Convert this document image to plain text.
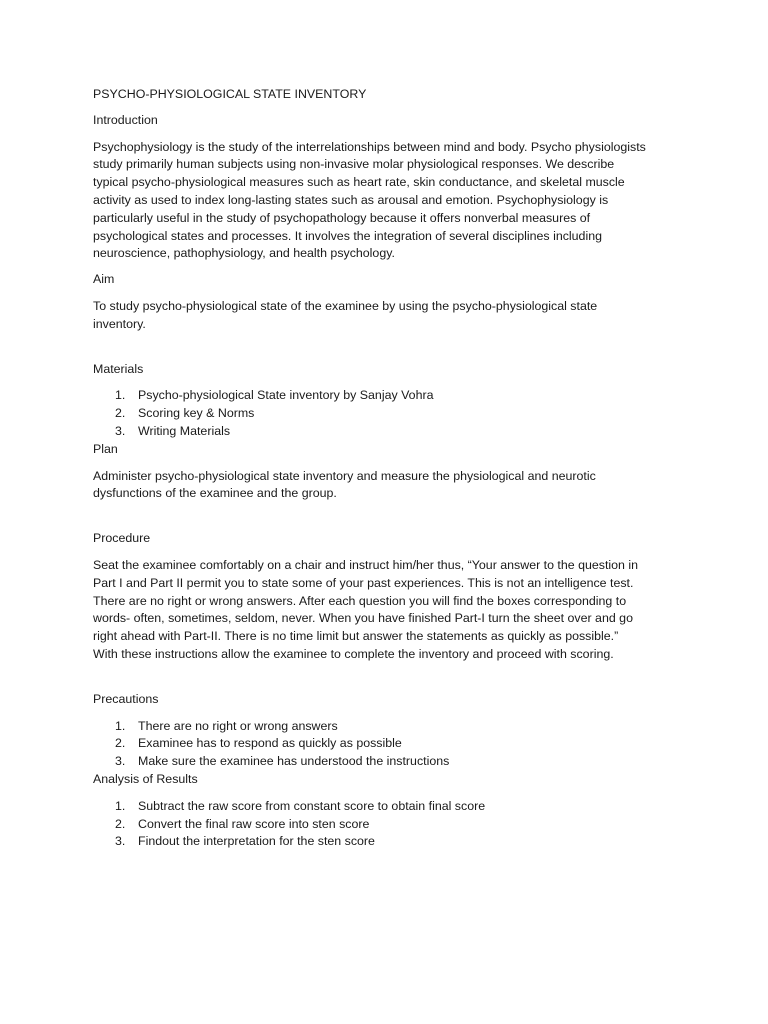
PSYCHO-PHYSIOLOGICAL STATE INVENTORY
Introduction
Psychophysiology is the study of the interrelationships between mind and body. Psycho physiologists
study primarily human subjects using non-invasive molar physiological responses. We describe
typical psycho-physiological measures such as heart rate, skin conductance, and skeletal muscle
activity as used to index long-lasting states such as arousal and emotion. Psychophysiology is
particularly useful in the study of psychopathology because it offers nonverbal measures of
psychological states and processes. It involves the integration of several disciplines including
neuroscience, pathophysiology, and health psychology.
Aim
To study psycho-physiological state of the examinee by using the psycho-physiological state
inventory.
Materials
1. Psycho-physiological State inventory by Sanjay Vohra
2. Scoring key & Norms
3. Writing Materials
Plan
Administer psycho-physiological state inventory and measure the physiological and neurotic
dysfunctions of the examinee and the group.
Procedure
Seat the examinee comfortably on a chair and instruct him/her thus, “Your answer to the question in
Part I and Part II permit you to state some of your past experiences. This is not an intelligence test.
There are no right or wrong answers. After each question you will find the boxes corresponding to
words- often, sometimes, seldom, never. When you have finished Part-I turn the sheet over and go
right ahead with Part-II. There is no time limit but answer the statements as quickly as possible.”
With these instructions allow the examinee to complete the inventory and proceed with scoring.
Precautions
1. There are no right or wrong answers
2. Examinee has to respond as quickly as possible
3. Make sure the examinee has understood the instructions
Analysis of Results
1. Subtract the raw score from constant score to obtain final score
2. Convert the final raw score into sten score
3. Findout the interpretation for the sten score
